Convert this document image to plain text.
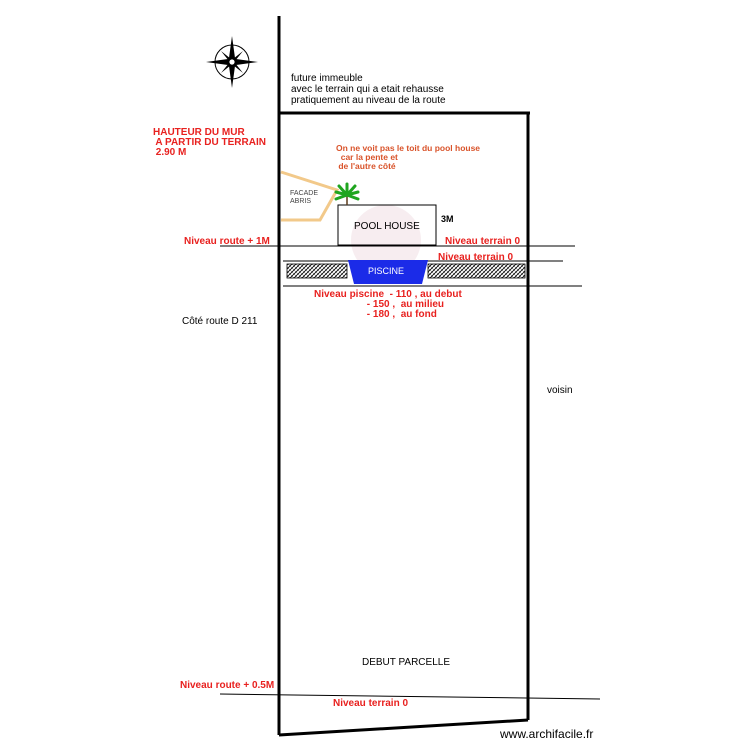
future immeuble
avec le terrain qui a etait rehausse
pratiquement au niveau de la route
HAUTEUR DU MUR
A PARTIR DU TERRAIN
2.90 M	On ne voit pas le toit du pool house
car la pente et
de l'autre côté
FACADE
ABRIS
POOL HOUSE
3M
Niveau route + 1M	Niveau terrain 0
Niveau terrain 0
PISCINE
Niveau piscine  - 110 , au debut
- 150 ,  au milieu
- 180 ,  au fond
Côté route D 211
voisin
DEBUT PARCELLE
Niveau route + 0.5M
Niveau terrain 0
www.archifacile.fr
